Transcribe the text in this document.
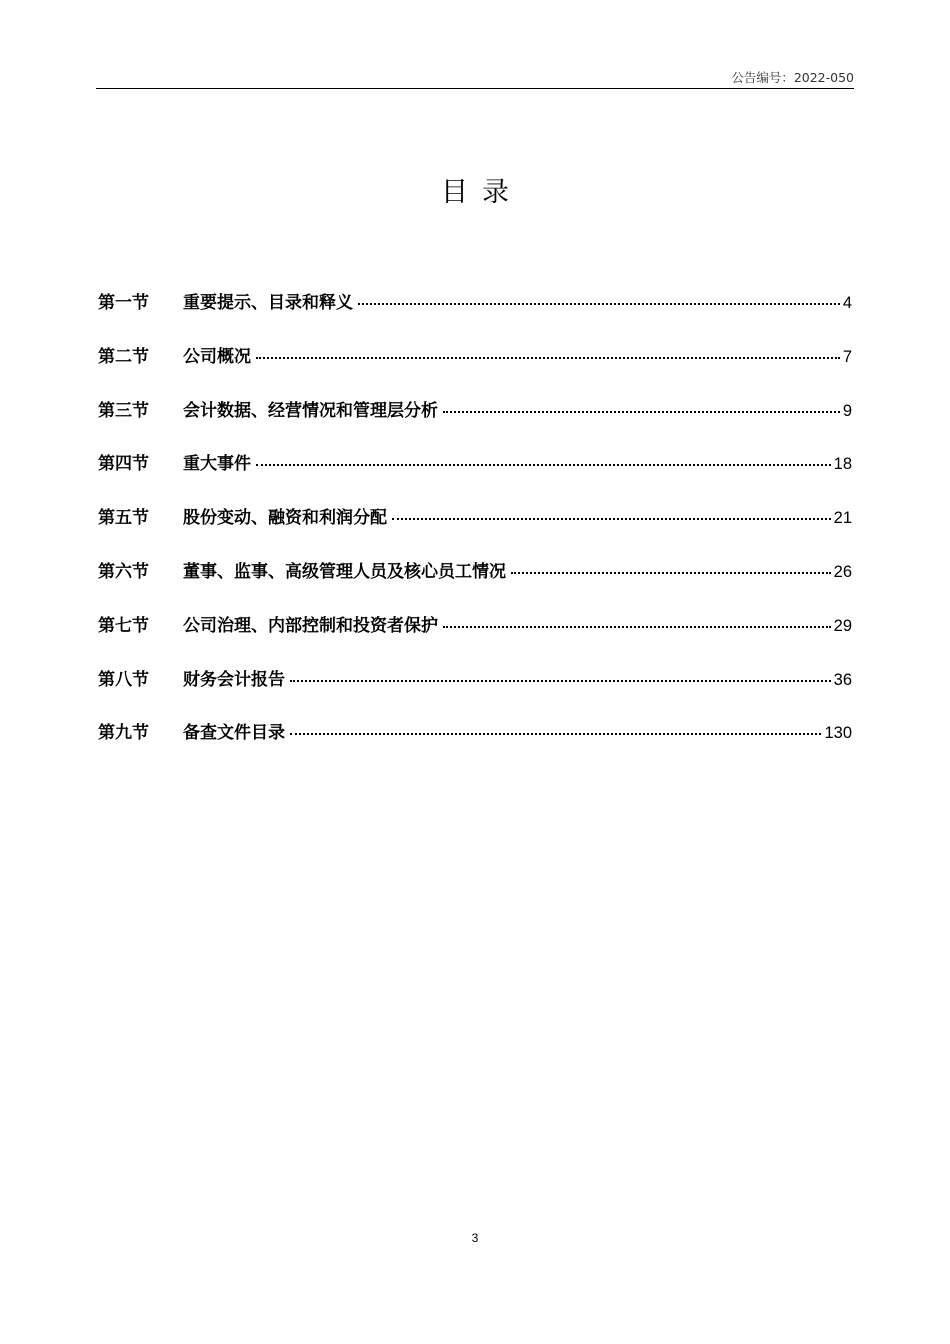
公告编号：2022-050
目录
第一节	重要提示、目录和释义	4
第二节	公司概况	7
第三节	会计数据、经营情况和管理层分析	9
第四节	重大事件	18
第五节	股份变动、融资和利润分配	21
第六节	董事、监事、高级管理人员及核心员工情况	26
第七节	公司治理、内部控制和投资者保护	29
第八节	财务会计报告	36
第九节	备查文件目录	130
3
